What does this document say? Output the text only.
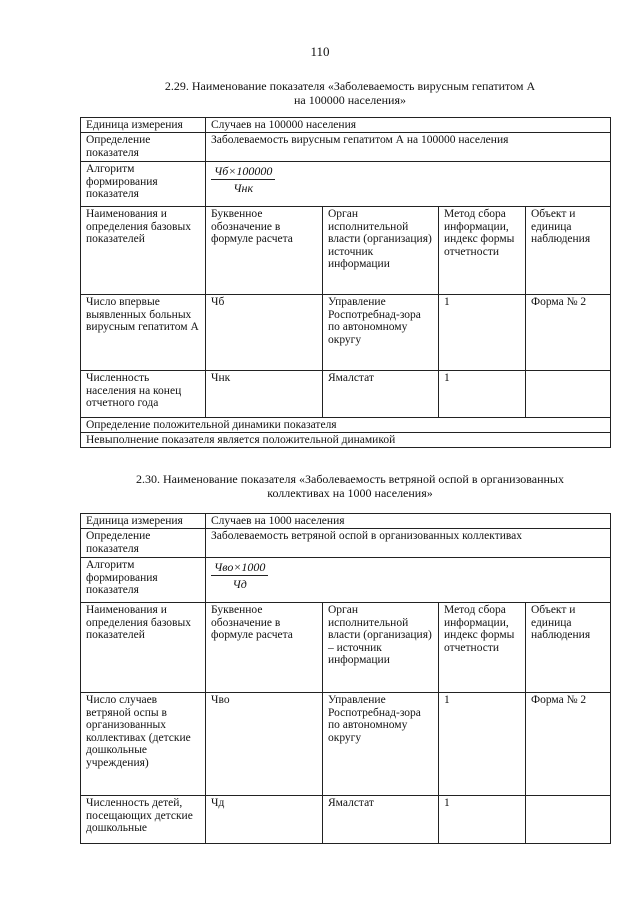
110
2.29. Наименование показателя «Заболеваемость вирусным гепатитом А
на 100000 населения»
Единица измерения	Случаев на 100000 населения			
Определение показателя	Заболеваемость вирусным гепатитом А на 100000 населения			
Алгоритм формирования показателя	$\frac{Чб\times 100000}{\text{Чнк}}$

Наименования и определения базовых показателей	Буквенное обозначение в формуле расчета	Орган исполнительной власти (организация) источник информации	Метод сбора информации, индекс формы отчетности	Объект и единица наблюдения
Число впервые выявленных больных вирусным гепатитом А	Чб	Управление Роспотребнад-зора по автономному округу	1	Форма № 2
Численность населения на конец отчетного года	Чнк	Ямалстат	1	
Определение положительной динамики показателя				
Невыполнение показателя является положительной динамикой				
2.30. Наименование показателя «Заболеваемость ветряной оспой в организованных
коллективах на 1000 населения»
Единица измерения	Случаев на 1000 населения			
Определение показателя	Заболеваемость ветряной оспой в организованных коллективах			
Алгоритм формирования показателя	$\frac{\text{Чво×1000}}{Чд}$

Наименования и определения базовых показателей	Буквенное обозначение в формуле расчета	Орган исполнительной власти (организация) – источник информации	Метод сбора информации, индекс формы отчетности	Объект и единица наблюдения
Число случаев ветряной оспы в организованных коллективах (детские дошкольные учреждения)	Чво	Управление Роспотребнад-зора по автономному округу	1	Форма № 2
Численность детей, посещающих детские дошкольные	Чд	Ямалстат	1	
